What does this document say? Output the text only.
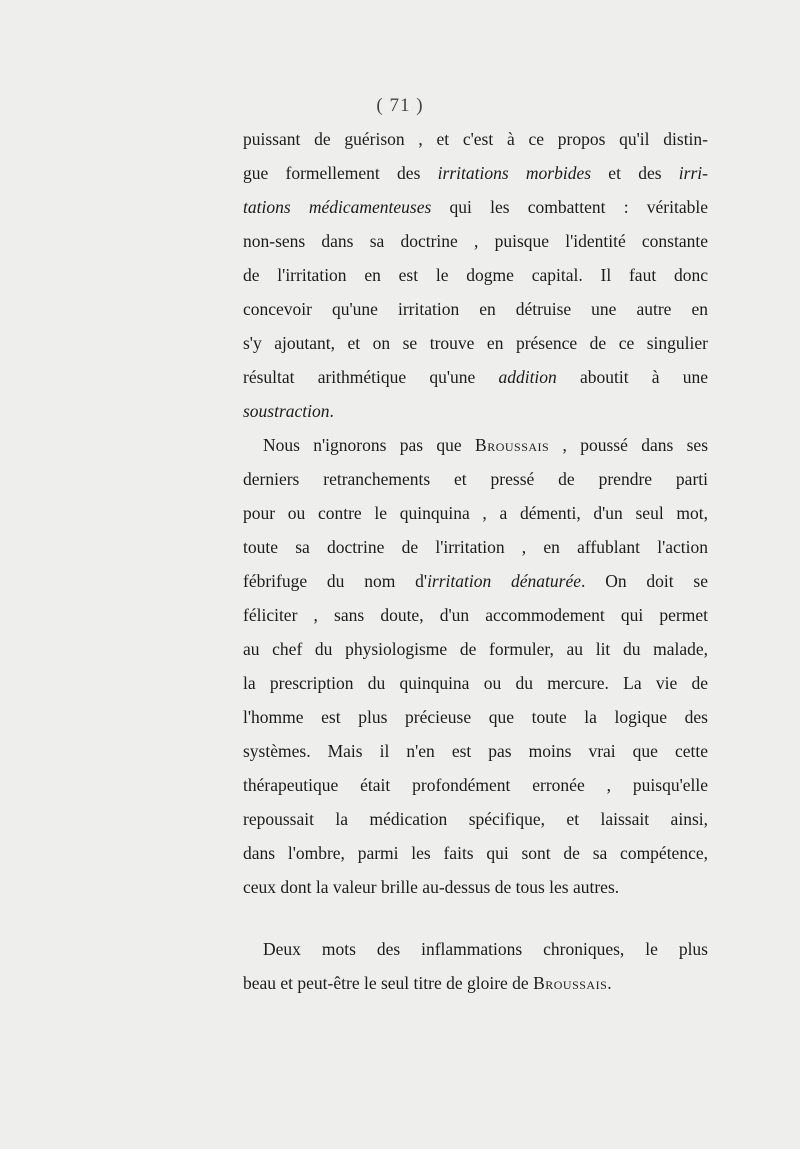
( 71 )

puissant de guérison , et c'est à ce propos qu'il distin-
gue formellement des irritations morbides et des irri-
tations médicamenteuses qui les combattent : véritable
non-sens dans sa doctrine , puisque l'identité constante
de l'irritation en est le dogme capital. Il faut donc
concevoir qu'une irritation en détruise une autre en
s'y ajoutant, et on se trouve en présence de ce singulier
résultat arithmétique qu'une addition aboutit à une
soustraction.

Nous n'ignorons pas que Broussais , poussé dans ses
derniers retranchements et pressé de prendre parti
pour ou contre le quinquina , a démenti, d'un seul mot,
toute sa doctrine de l'irritation , en affublant l'action
fébrifuge du nom d'irritation dénaturée. On doit se
féliciter , sans doute, d'un accommodement qui permet
au chef du physiologisme de formuler, au lit du malade,
la prescription du quinquina ou du mercure. La vie de
l'homme est plus précieuse que toute la logique des
systèmes. Mais il n'en est pas moins vrai que cette
thérapeutique était profondément erronée , puisqu'elle
repoussait la médication spécifique, et laissait ainsi,
dans l'ombre, parmi les faits qui sont de sa compétence,
ceux dont la valeur brille au-dessus de tous les autres.

Deux mots des inflammations chroniques, le plus
beau et peut-être le seul titre de gloire de Broussais.
